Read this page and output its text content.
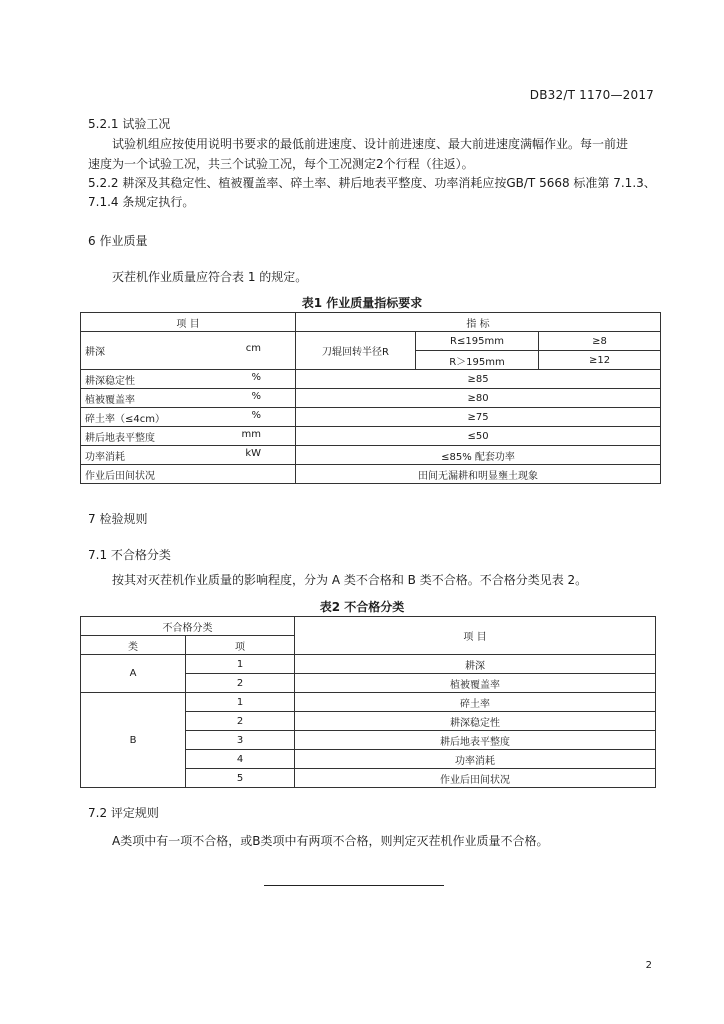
DB32/T 1170—2017
5.2.1 试验工况
试验机组应按使用说明书要求的最低前进速度、设计前进速度、最大前进速度满幅作业。每一前进
速度为一个试验工况，共三个试验工况，每个工况测定2个行程（往返）。
5.2.2 耕深及其稳定性、植被覆盖率、碎土率、耕后地表平整度、功率消耗应按GB/T 5668 标准第 7.1.3、
7.1.4 条规定执行。
6 作业质量
灭茬机作业质量应符合表 1 的规定。
表1 作业质量指标要求
项 目	指 标		
耕深 cm	刀辊回转半径R	R≤195mm	≥8
		R＞195mm	≥12
耕深稳定性 %	≥85		
植被覆盖率 %	≥80		
碎土率（≤4cm） %	≥75		
耕后地表平整度 mm	≤50		
功率消耗 kW	≤85% 配套功率		
作业后田间状况	田间无漏耕和明显壅土现象		
7 检验规则
7.1 不合格分类
按其对灭茬机作业质量的影响程度，分为 A 类不合格和 B 类不合格。不合格分类见表 2。
表2 不合格分类
不合格分类		项 目
类	项	
A	1	耕深
	2	植被覆盖率
B	1	碎土率
	2	耕深稳定性
	3	耕后地表平整度
	4	功率消耗
	5	作业后田间状况
7.2 评定规则
A类项中有一项不合格，或B类项中有两项不合格，则判定灭茬机作业质量不合格。
2
